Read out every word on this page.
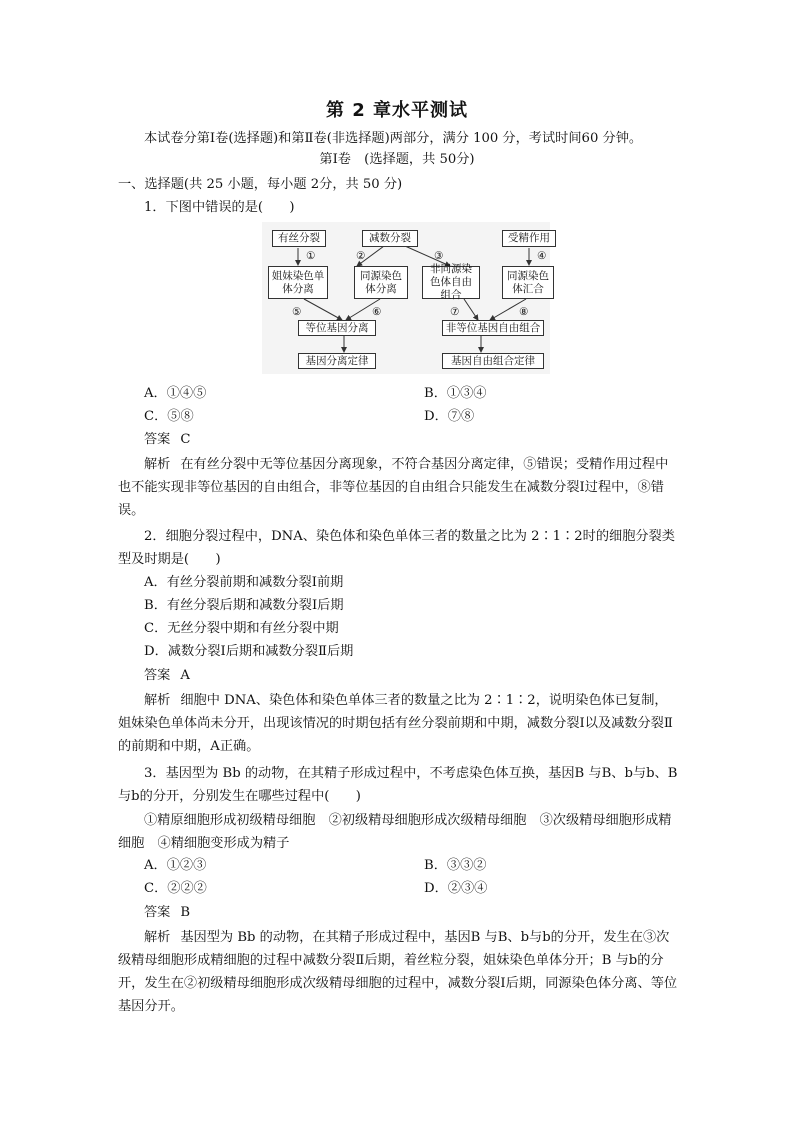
第 2 章水平测试
本试卷分第Ⅰ卷(选择题)和第Ⅱ卷(非选择题)两部分，满分 100 分，考试时间60 分钟。
第Ⅰ卷　(选择题，共 50分)
一、选择题(共 25 小题，每小题 2分，共 50 分)
1．下图中错误的是(　　)
有丝分裂	减数分裂	受精作用
①	②	③	④
姐妹染色单体分离
同源染色体分离
非同源染色体自由组合
同源染色体汇合
⑤	⑥	⑦	⑧
等位基因分离	非等位基因自由组合
基因分离定律	基因自由组合定律
A．①④⑤	B．①③④
C．⑤⑧	D．⑦⑧
答案 C
解析 在有丝分裂中无等位基因分离现象，不符合基因分离定律，⑤错误；受精作用过程中也不能实现非等位基因的自由组合，非等位基因的自由组合只能发生在减数分裂Ⅰ过程中，⑧错误。
2．细胞分裂过程中，DNA、染色体和染色单体三者的数量之比为 2∶1∶2时的细胞分裂类型及时期是(　　)
A．有丝分裂前期和减数分裂Ⅰ前期
B．有丝分裂后期和减数分裂Ⅰ后期
C．无丝分裂中期和有丝分裂中期
D．减数分裂Ⅰ后期和减数分裂Ⅱ后期
答案 A
解析 细胞中 DNA、染色体和染色单体三者的数量之比为 2∶1∶2，说明染色体已复制，姐妹染色单体尚未分开，出现该情况的时期包括有丝分裂前期和中期，减数分裂Ⅰ以及减数分裂Ⅱ的前期和中期，A正确。
3．基因型为 Bb 的动物，在其精子形成过程中，不考虑染色体互换，基因B 与B、b与b、B与b的分开，分别发生在哪些过程中(　　)
①精原细胞形成初级精母细胞　②初级精母细胞形成次级精母细胞　③次级精母细胞形成精细胞　④精细胞变形成为精子
A．①②③	B．③③②
C．②②②	D．②③④
答案 B
解析 基因型为 Bb 的动物，在其精子形成过程中，基因B 与B、b与b的分开，发生在③次级精母细胞形成精细胞的过程中减数分裂Ⅱ后期，着丝粒分裂，姐妹染色单体分开；B 与b的分开，发生在②初级精母细胞形成次级精母细胞的过程中，减数分裂Ⅰ后期，同源染色体分离、等位基因分开。
